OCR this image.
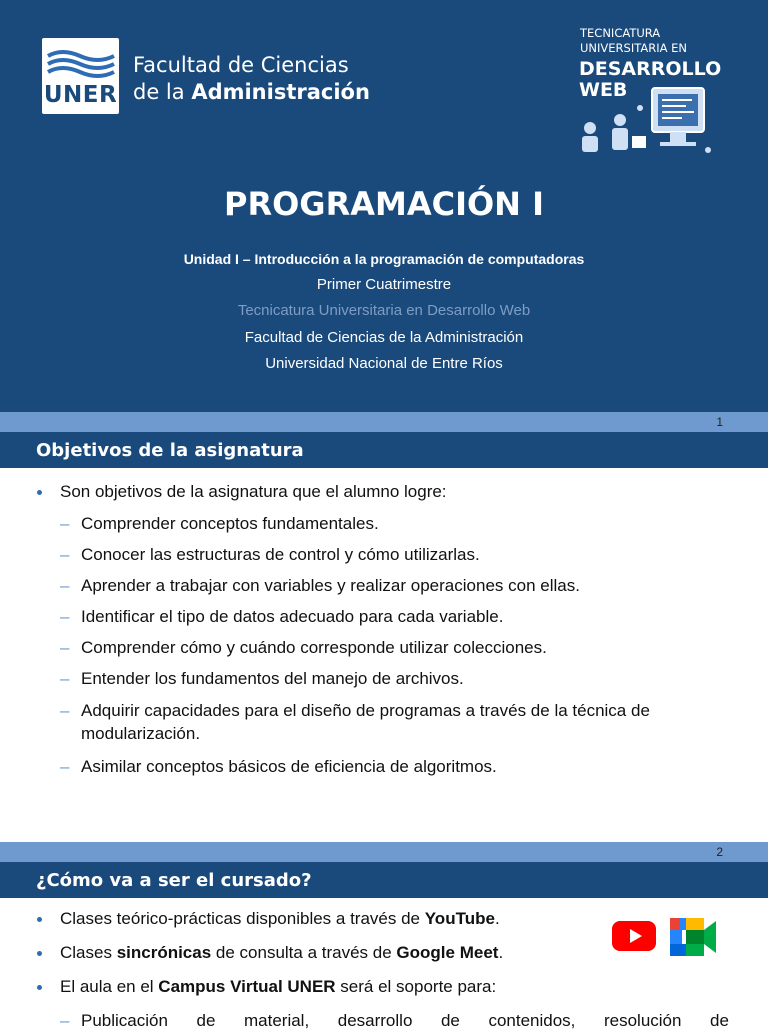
UNER
Facultad de Ciencias
de la Administración
TECNICATURA
UNIVERSITARIA EN
DESARROLLO
WEB
PROGRAMACIÓN I
Unidad I – Introducción a la programación de computadoras
Primer Cuatrimestre
Tecnicatura Universitaria en Desarrollo Web
Facultad de Ciencias de la Administración
Universidad Nacional de Entre Ríos
1
Objetivos de la asignatura
Son objetivos de la asignatura que el alumno logre:
– Comprender conceptos fundamentales.
– Conocer las estructuras de control y cómo utilizarlas.
– Aprender a trabajar con variables y realizar operaciones con ellas.
– Identificar el tipo de datos adecuado para cada variable.
– Comprender cómo y cuándo corresponde utilizar colecciones.
– Entender los fundamentos del manejo de archivos.
– Adquirir capacidades para el diseño de programas a través de la técnica de
modularización.
– Asimilar conceptos básicos de eficiencia de algoritmos.
2
¿Cómo va a ser el cursado?
Clases teórico-prácticas disponibles a través de YouTube.
Clases sincrónicas de consulta a través de Google Meet.
El aula en el Campus Virtual UNER será el soporte para:
– Publicación de material, desarrollo de contenidos, resolución de
